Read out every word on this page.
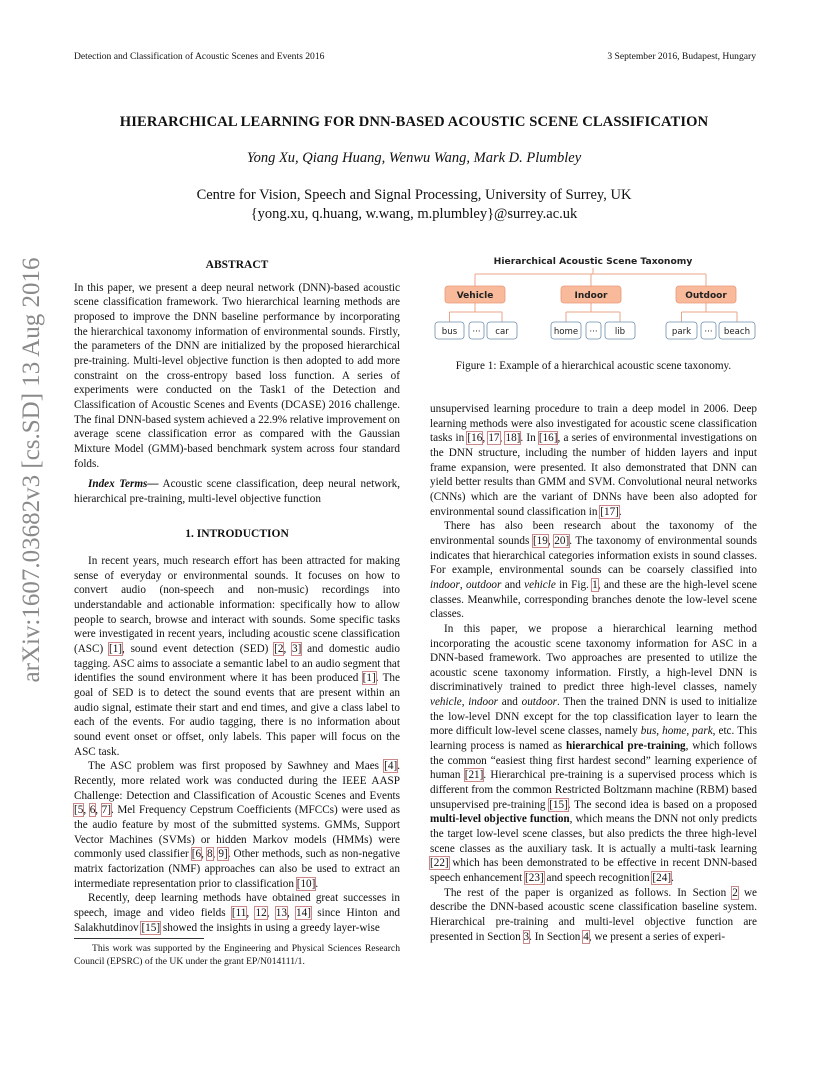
Detection and Classification of Acoustic Scenes and Events 2016	3 September 2016, Budapest, Hungary
HIERARCHICAL LEARNING FOR DNN-BASED ACOUSTIC SCENE CLASSIFICATION
Yong Xu, Qiang Huang, Wenwu Wang, Mark D. Plumbley
Centre for Vision, Speech and Signal Processing, University of Surrey, UK
{yong.xu, q.huang, w.wang, m.plumbley}@surrey.ac.uk
arXiv:1607.03682v3 [cs.SD] 13 Aug 2016	ABSTRACT

In this paper, we present a deep neural network (DNN)-based acoustic scene classification framework. Two hierarchical learning methods are proposed to improve the DNN baseline performance by incorporating the hierarchical taxonomy information of environmental sounds. Firstly, the parameters of the DNN are initialized by the proposed hierarchical pre-training. Multi-level objective function is then adopted to add more constraint on the cross-entropy based loss function. A series of experiments were conducted on the Task1 of the Detection and Classification of Acoustic Scenes and Events (DCASE) 2016 challenge. The final DNN-based system achieved a 22.9% relative improvement on average scene classification error as compared with the Gaussian Mixture Model (GMM)-based benchmark system across four standard folds.

Index Terms— Acoustic scene classification, deep neural network, hierarchical pre-training, multi-level objective function

1. INTRODUCTION

In recent years, much research effort has been attracted for making sense of everyday or environmental sounds. It focuses on how to convert audio (non-speech and non-music) recordings into understandable and actionable information: specifically how to allow people to search, browse and interact with sounds. Some specific tasks were investigated in recent years, including acoustic scene classification (ASC) [1], sound event detection (SED) [2, 3] and domestic audio tagging. ASC aims to associate a semantic label to an audio segment that identifies the sound environment where it has been produced [1]. The goal of SED is to detect the sound events that are present within an audio signal, estimate their start and end times, and give a class label to each of the events. For audio tagging, there is no information about sound event onset or offset, only labels. This paper will focus on the ASC task.

The ASC problem was first proposed by Sawhney and Maes [4]. Recently, more related work was conducted during the IEEE AASP Challenge: Detection and Classification of Acoustic Scenes and Events [5, 6, 7]. Mel Frequency Cepstrum Coefficients (MFCCs) were used as the audio feature by most of the submitted systems. GMMs, Support Vector Machines (SVMs) or hidden Markov models (HMMs) were commonly used classifier [6, 8, 9]. Other methods, such as non-negative matrix factorization (NMF) approaches can also be used to extract an intermediate representation prior to classification [10].

Recently, deep learning methods have obtained great successes in speech, image and video fields [11, 12, 13, 14] since Hinton and Salakhutdinov [15] showed the insights in using a greedy layer-wise

This work was supported by the Engineering and Physical Sciences Research Council (EPSRC) of the UK under the grant EP/N014111/1.

Hierarchical Acoustic Scene Taxonomy
Vehicle	Indoor	Outdoor
bus ··· car	home ··· lib	park ··· beach
Figure 1: Example of a hierarchical acoustic scene taxonomy.

unsupervised learning procedure to train a deep model in 2006. Deep learning methods were also investigated for acoustic scene classification tasks in [16, 17, 18]. In [16], a series of environmental investigations on the DNN structure, including the number of hidden layers and input frame expansion, were presented. It also demonstrated that DNN can yield better results than GMM and SVM. Convolutional neural networks (CNNs) which are the variant of DNNs have been also adopted for environmental sound classification in [17].

There has also been research about the taxonomy of the environmental sounds [19, 20]. The taxonomy of environmental sounds indicates that hierarchical categories information exists in sound classes. For example, environmental sounds can be coarsely classified into indoor, outdoor and vehicle in Fig. 1, and these are the high-level scene classes. Meanwhile, corresponding branches denote the low-level scene classes.

In this paper, we propose a hierarchical learning method incorporating the acoustic scene taxonomy information for ASC in a DNN-based framework. Two approaches are presented to utilize the acoustic scene taxonomy information. Firstly, a high-level DNN is discriminatively trained to predict three high-level classes, namely vehicle, indoor and outdoor. Then the trained DNN is used to initialize the low-level DNN except for the top classification layer to learn the more difficult low-level scene classes, namely bus, home, park, etc. This learning process is named as hierarchical pre-training, which follows the common “easiest thing first hardest second” learning experience of human [21]. Hierarchical pre-training is a supervised process which is different from the common Restricted Boltzmann machine (RBM) based unsupervised pre-training [15]. The second idea is based on a proposed multi-level objective function, which means the DNN not only predicts the target low-level scene classes, but also predicts the three high-level scene classes as the auxiliary task. It is actually a multi-task learning [22] which has been demonstrated to be effective in recent DNN-based speech enhancement [23] and speech recognition [24].

The rest of the paper is organized as follows. In Section 2 we describe the DNN-based acoustic scene classification baseline system. Hierarchical pre-training and multi-level objective function are presented in Section 3. In Section 4, we present a series of experi-
